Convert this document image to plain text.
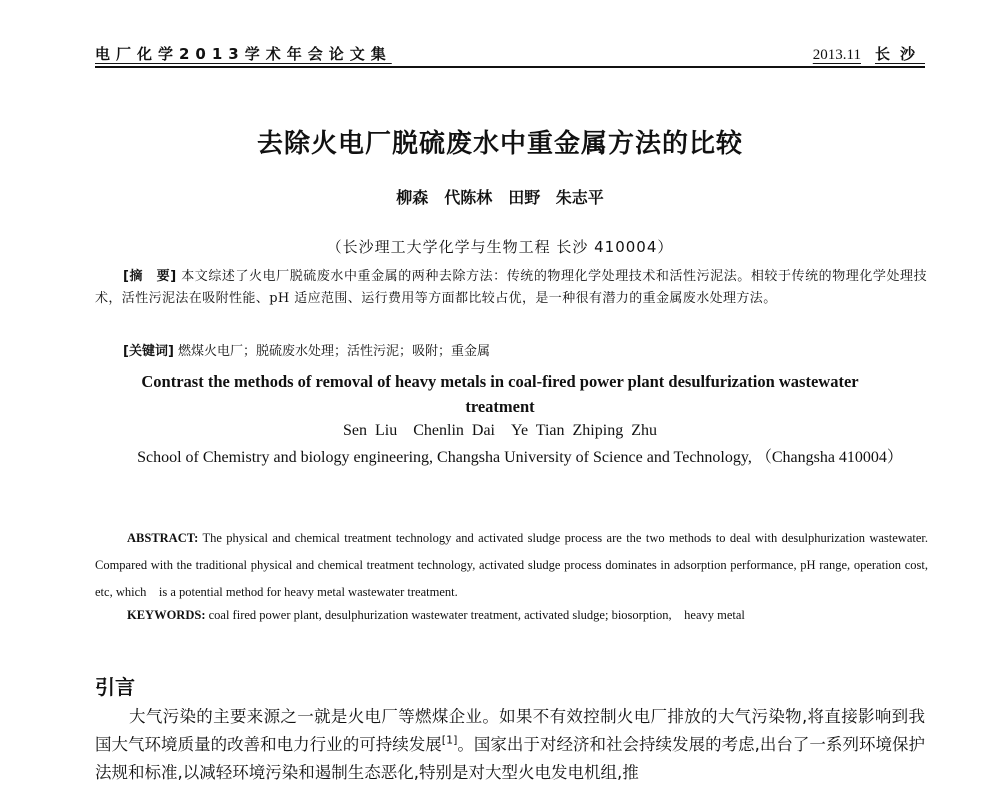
电厂化学2013学术年会论文集	2013.11 长沙
去除火电厂脱硫废水中重金属方法的比较
柳森　代陈林　田野 朱志平
（长沙理工大学化学与生物工程 长沙 410004）
[摘　要] 本文综述了火电厂脱硫废水中重金属的两种去除方法：传统的物理化学处理技术和活性污泥法。相较于传统的物理化学处理技术，活性污泥法在吸附性能、pH 适应范围、运行费用等方面都比较占优，是一种很有潜力的重金属废水处理方法。
[关键词] 燃煤火电厂；脱硫废水处理；活性污泥；吸附；重金属
Contrast the methods of removal of heavy metals in coal-fired power plant desulfurization wastewater treatment
Sen Liu　Chenlin Dai　Ye Tian Zhiping Zhu
School of Chemistry and biology engineering, Changsha University of Science and Technology, （Changsha 410004）
ABSTRACT: The physical and chemical treatment technology and activated sludge process are the two methods to deal with desulphurization wastewater. Compared with the traditional physical and chemical treatment technology, activated sludge process dominates in adsorption performance, pH range, operation cost, etc, which　is a potential method for heavy metal wastewater treatment.
KEYWORDS: coal fired power plant, desulphurization wastewater treatment, activated sludge; biosorption,　heavy metal
引言
大气污染的主要来源之一就是火电厂等燃煤企业。如果不有效控制火电厂排放的大气污染物,将直接影响到我国大气环境质量的改善和电力行业的可持续发展[1]。国家出于对经济和社会持续发展的考虑,出台了一系列环境保护法规和标准,以减轻环境污染和遏制生态恶化,特别是对大型火电发电机组,推
